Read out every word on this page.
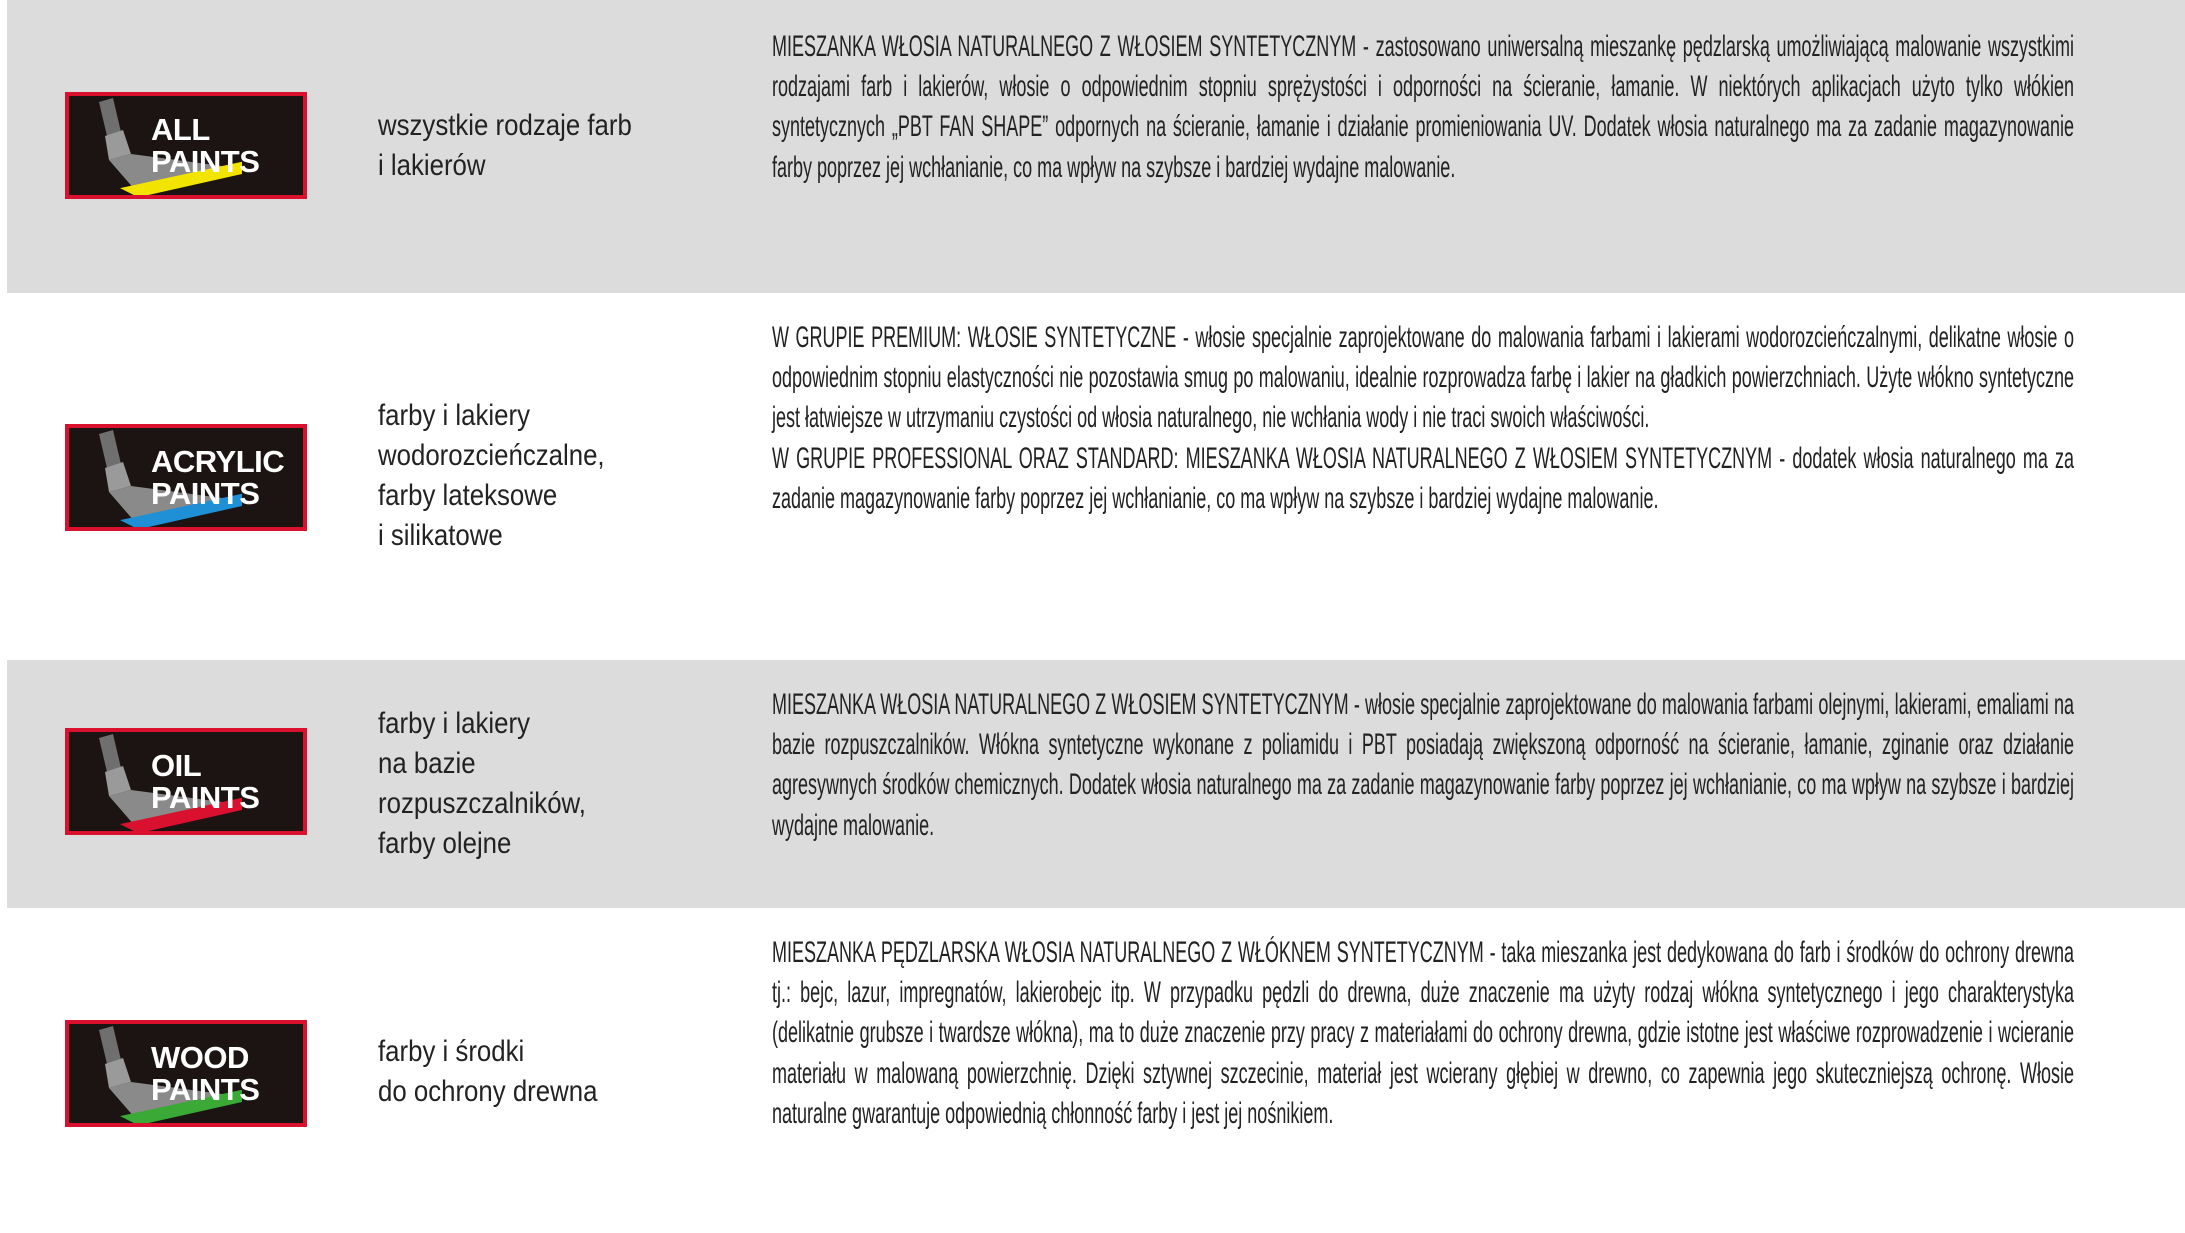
ALL
PAINTS
wszystkie rodzaje farb
i lakierów

MIESZANKA WŁOSIA NATURALNEGO Z WŁOSIEM SYNTETYCZNYM - zastosowano uniwersalną mieszankę pędzlarską umożliwiającą malowanie wszystkimi rodzajami farb i lakierów, włosie o odpowiednim stopniu sprężystości i odporności na ścieranie, łamanie. W niektórych aplikacjach użyto tylko włókien syntetycznych „PBT FAN SHAPE” odpornych na ścieranie, łamanie i działanie promieniowania UV. Dodatek włosia naturalnego ma za zadanie magazynowanie farby poprzez jej wchłanianie, co ma wpływ na szybsze i bardziej wydajne malowanie.

ACRYLIC
PAINTS
farby i lakiery
wodorozcieńczalne,
farby lateksowe
i silikatowe

W GRUPIE PREMIUM: WŁOSIE SYNTETYCZNE - włosie specjalnie zaprojektowane do malowania farbami i lakierami wodorozcieńczalnymi, delikatne włosie o odpowiednim stopniu elastyczności nie pozostawia smug po malowaniu, idealnie rozprowadza farbę i lakier na gładkich powierzchniach. Użyte włókno syntetyczne jest łatwiejsze w utrzymaniu czystości od włosia naturalnego, nie wchłania wody i nie traci swoich właściwości.

W GRUPIE PROFESSIONAL ORAZ STANDARD: MIESZANKA WŁOSIA NATURALNEGO Z WŁOSIEM SYNTETYCZNYM - dodatek włosia naturalnego ma za zadanie magazynowanie farby poprzez jej wchłanianie, co ma wpływ na szybsze i bardziej wydajne malowanie.

OIL
PAINTS
farby i lakiery
na bazie
rozpuszczalników,
farby olejne

MIESZANKA WŁOSIA NATURALNEGO Z WŁOSIEM SYNTETYCZNYM - włosie specjalnie zaprojektowane do malowania farbami olejnymi, lakierami, emaliami na bazie rozpuszczalników. Włókna syntetyczne wykonane z poliamidu i PBT posiadają zwiększoną odporność na ścieranie, łamanie, zginanie oraz działanie agresywnych środków chemicznych. Dodatek włosia naturalnego ma za zadanie magazynowanie farby poprzez jej wchłanianie, co ma wpływ na szybsze i bardziej wydajne malowanie.

WOOD
PAINTS
farby i środki
do ochrony drewna

MIESZANKA PĘDZLARSKA WŁOSIA NATURALNEGO Z WŁÓKNEM SYNTETYCZNYM - taka mieszanka jest dedykowana do farb i środków do ochrony drewna tj.: bejc, lazur, impregnatów, lakierobejc itp. W przypadku pędzli do drewna, duże znaczenie ma użyty rodzaj włókna syntetycznego i jego charakterystyka (delikatnie grubsze i twardsze włókna), ma to duże znaczenie przy pracy z materiałami do ochrony drewna, gdzie istotne jest właściwe rozprowadzenie i wcieranie materiału w malowaną powierzchnię. Dzięki sztywnej szczecinie, materiał jest wcierany głębiej w drewno, co zapewnia jego skuteczniejszą ochronę. Włosie naturalne gwarantuje odpowiednią chłonność farby i jest jej nośnikiem.
